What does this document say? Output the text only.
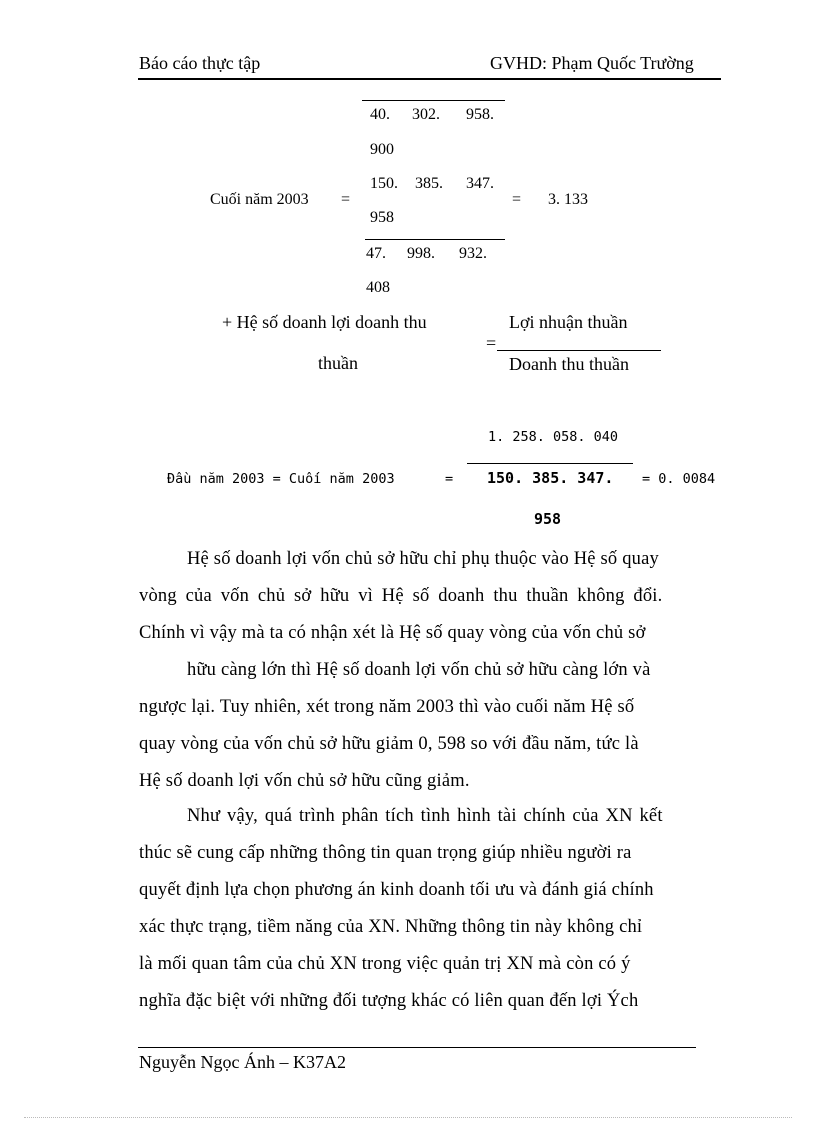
Báo cáo thực tập	GVHD: Phạm Quốc Trường
40. 302. 958.
900
Cuối năm 2003 =
150. 385. 347.
958
= 3. 133
47. 998. 932.
408
+ Hệ số doanh lợi doanh thu	Lợi nhuận thuần
=
thuần	Doanh thu thuần
1. 258. 058. 040
Đầu năm 2003 = Cuối năm 2003	= 150. 385. 347. = 0. 0084
958
Hệ số doanh lợi vốn chủ sở hữu chỉ phụ thuộc vào Hệ số quay
vòng của vốn chủ sở hữu vì Hệ số doanh thu thuần không đổi.
Chính vì vậy mà ta có nhận xét là Hệ số quay vòng của vốn chủ sở
hữu càng lớn thì Hệ số doanh lợi vốn chủ sở hữu càng lớn và
ngược lại. Tuy nhiên, xét trong năm 2003 thì vào cuối năm Hệ số
quay vòng của vốn chủ sở hữu giảm 0, 598 so với đầu năm, tức là
Hệ số doanh lợi vốn chủ sở hữu cũng giảm.
Như vậy, quá trình phân tích tình hình tài chính của XN kết
thúc sẽ cung cấp những thông tin quan trọng giúp nhiều người ra
quyết định lựa chọn phương án kinh doanh tối ưu và đánh giá chính
xác thực trạng, tiềm năng của XN. Những thông tin này không chỉ
là mối quan tâm của chủ XN trong việc quản trị XN mà còn có ý
nghĩa đặc biệt với những đối tượng khác có liên quan đến lợi Ých
Nguyễn Ngọc Ánh – K37A2
